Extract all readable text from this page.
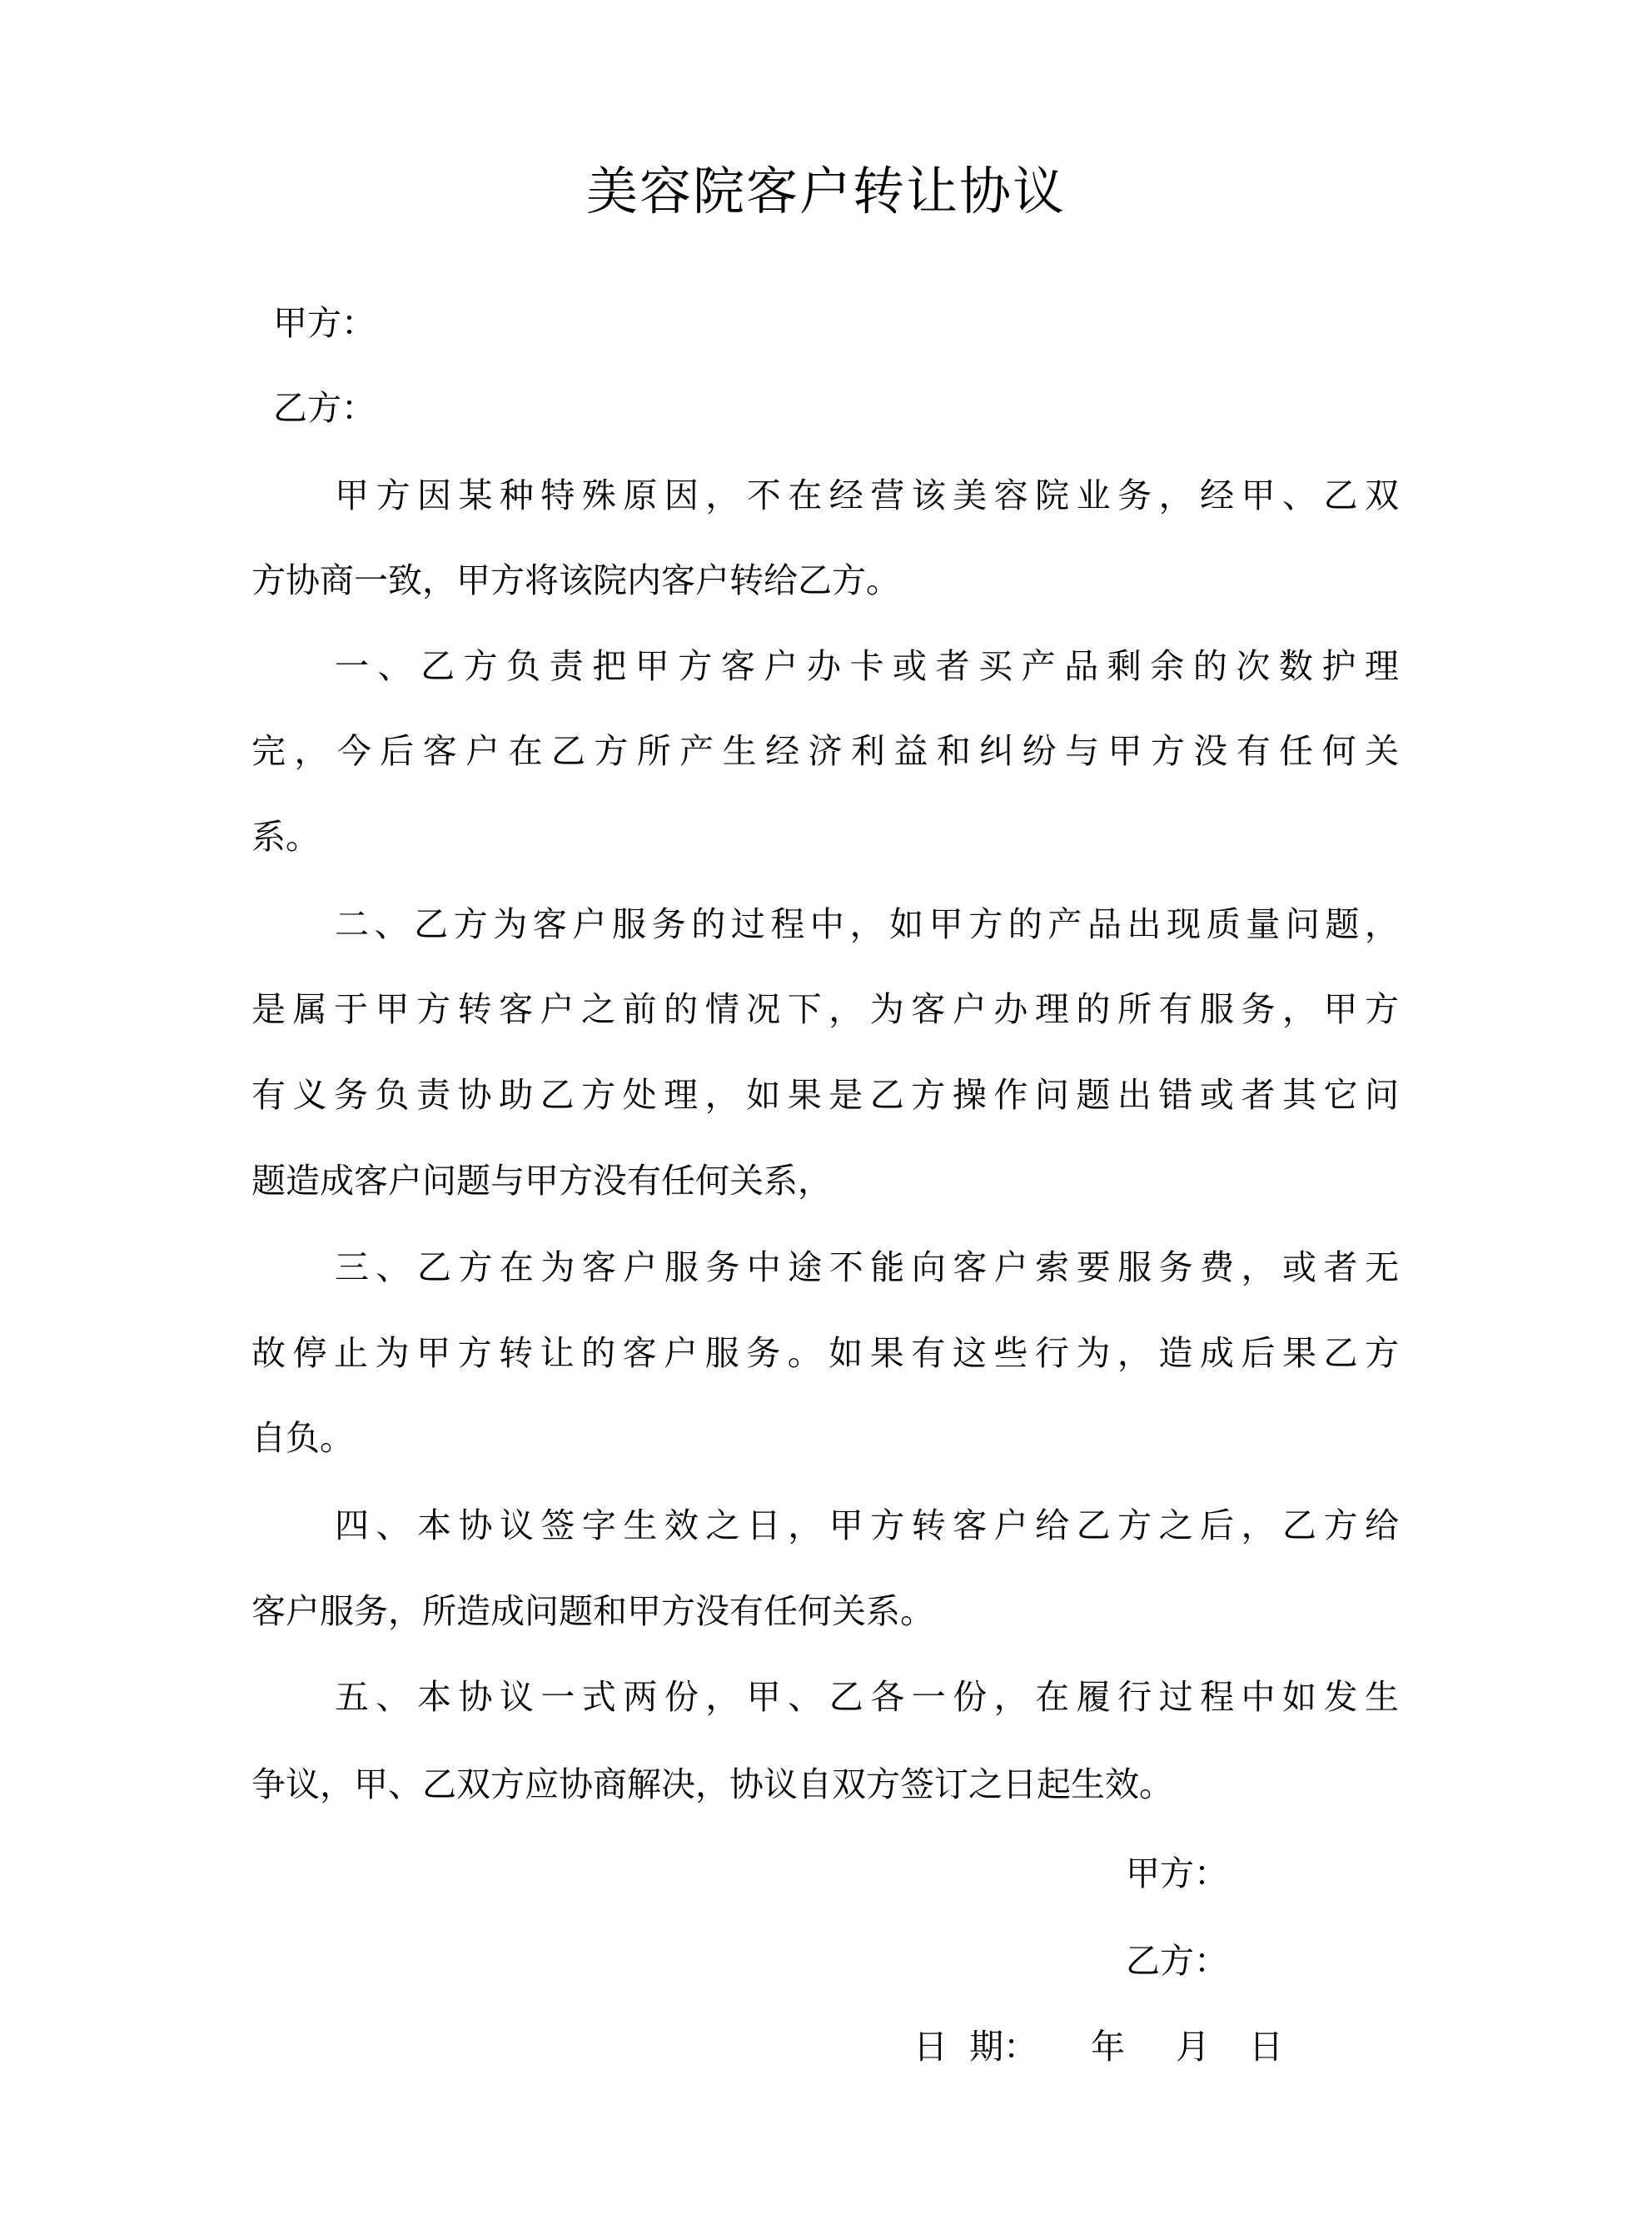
美容院客户转让协议
甲方：
乙方：
甲方因某种特殊原因，不在经营该美容院业务，经甲、乙双
方协商一致，甲方将该院内客户转给乙方。
一、乙方负责把甲方客户办卡或者买产品剩余的次数护理
完，今后客户在乙方所产生经济利益和纠纷与甲方没有任何关
系。
二、乙方为客户服务的过程中，如甲方的产品出现质量问题，
是属于甲方转客户之前的情况下，为客户办理的所有服务，甲方
有义务负责协助乙方处理，如果是乙方操作问题出错或者其它问
题造成客户问题与甲方没有任何关系，
三、乙方在为客户服务中途不能向客户索要服务费，或者无
故停止为甲方转让的客户服务。如果有这些行为，造成后果乙方
自负。
四、本协议签字生效之日，甲方转客户给乙方之后，乙方给
客户服务，所造成问题和甲方没有任何关系。
五、本协议一式两份，甲、乙各一份，在履行过程中如发生
争议，甲、乙双方应协商解决，协议自双方签订之日起生效。
甲方：
乙方：
日  期： 年 月 日
